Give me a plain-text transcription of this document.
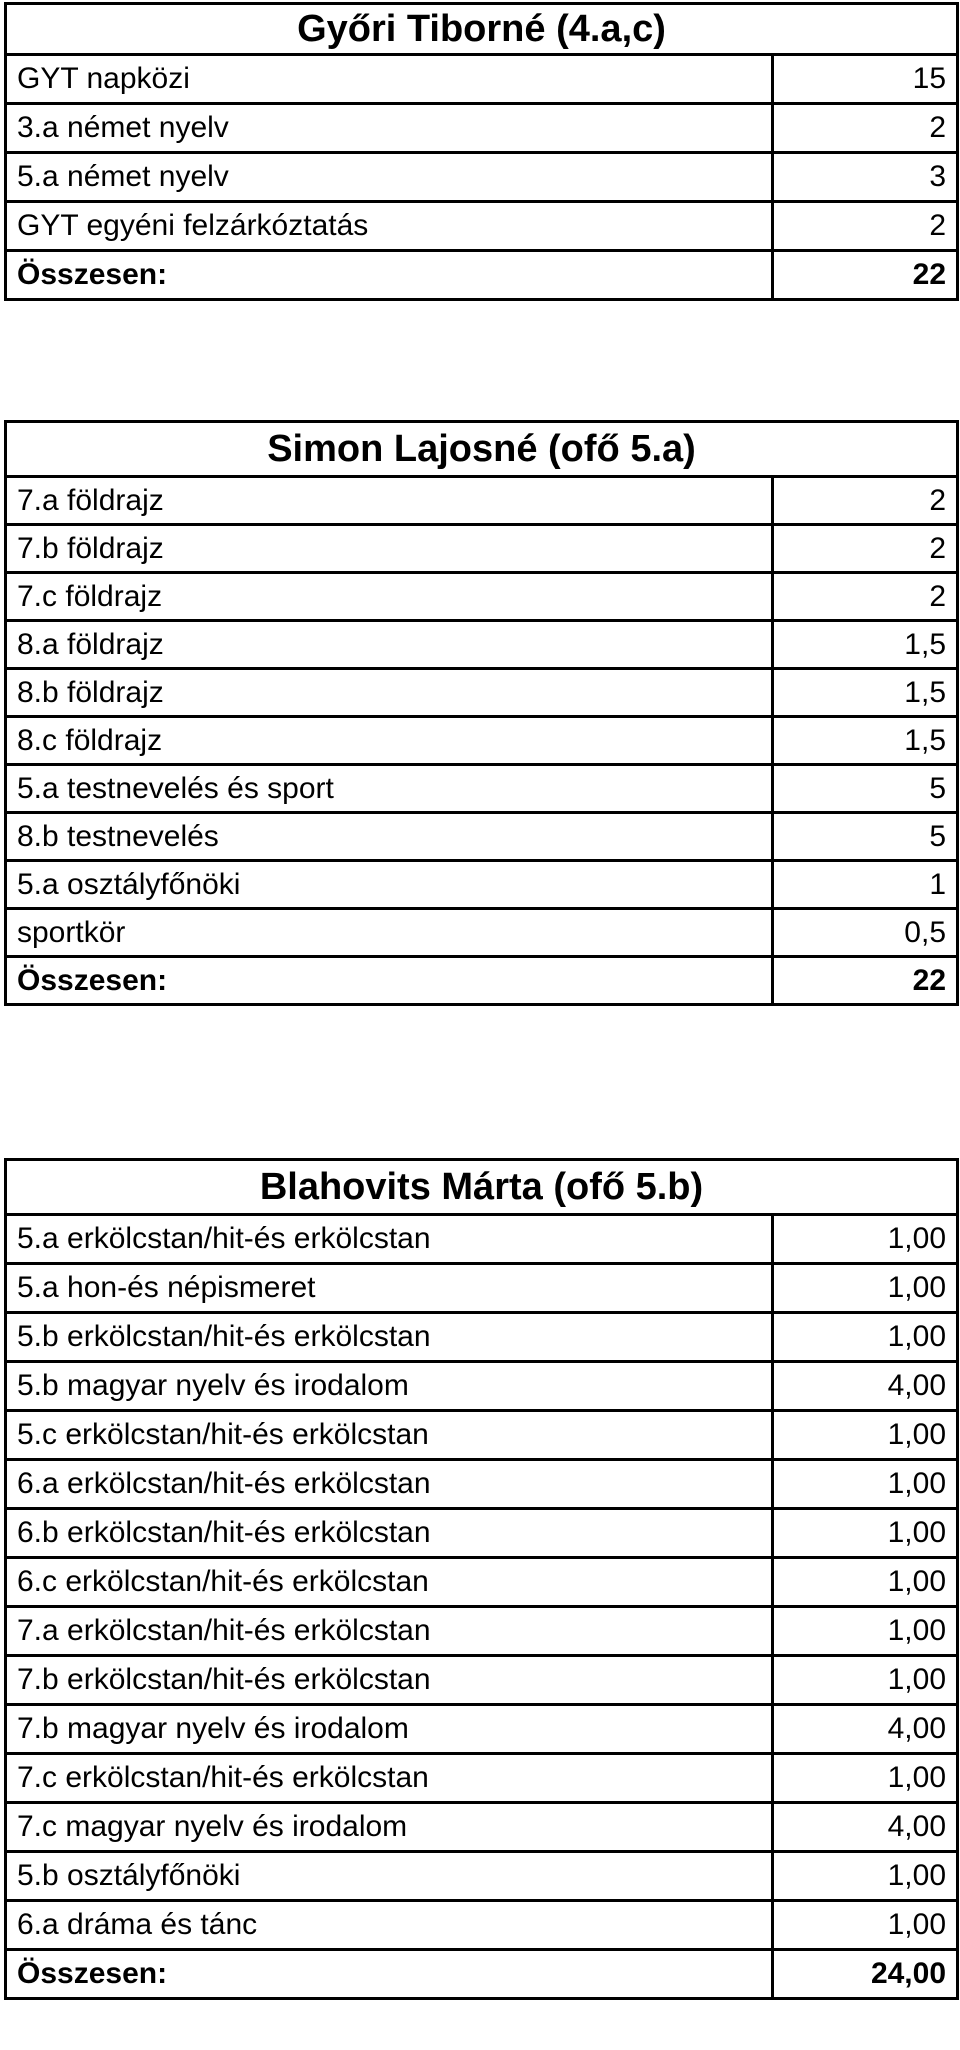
Győri Tiborné (4.a,c)		
GYT napközi		15
3.a német nyelv		2
5.a német nyelv		3
GYT egyéni felzárkóztatás		2
Összesen:		22
Simon Lajosné (ofő 5.a)		
7.a földrajz		2
7.b földrajz		2
7.c földrajz		2
8.a földrajz		1,5
8.b földrajz		1,5
8.c földrajz		1,5
5.a testnevelés és sport		5
8.b testnevelés		5
5.a osztályfőnöki		1
sportkör		0,5
Összesen:		22
Blahovits Márta (ofő 5.b)	
5.a erkölcstan/hit-és erkölcstan	1,00
5.a hon-és népismeret	1,00
5.b erkölcstan/hit-és erkölcstan	1,00
5.b magyar nyelv és irodalom	4,00
5.c erkölcstan/hit-és erkölcstan	1,00
6.a erkölcstan/hit-és erkölcstan	1,00
6.b erkölcstan/hit-és erkölcstan	1,00
6.c erkölcstan/hit-és erkölcstan	1,00
7.a erkölcstan/hit-és erkölcstan	1,00
7.b erkölcstan/hit-és erkölcstan	1,00
7.b magyar nyelv és irodalom	4,00
7.c erkölcstan/hit-és erkölcstan	1,00
7.c magyar nyelv és irodalom	4,00
5.b osztályfőnöki	1,00
6.a dráma és tánc	1,00
Összesen:	24,00
